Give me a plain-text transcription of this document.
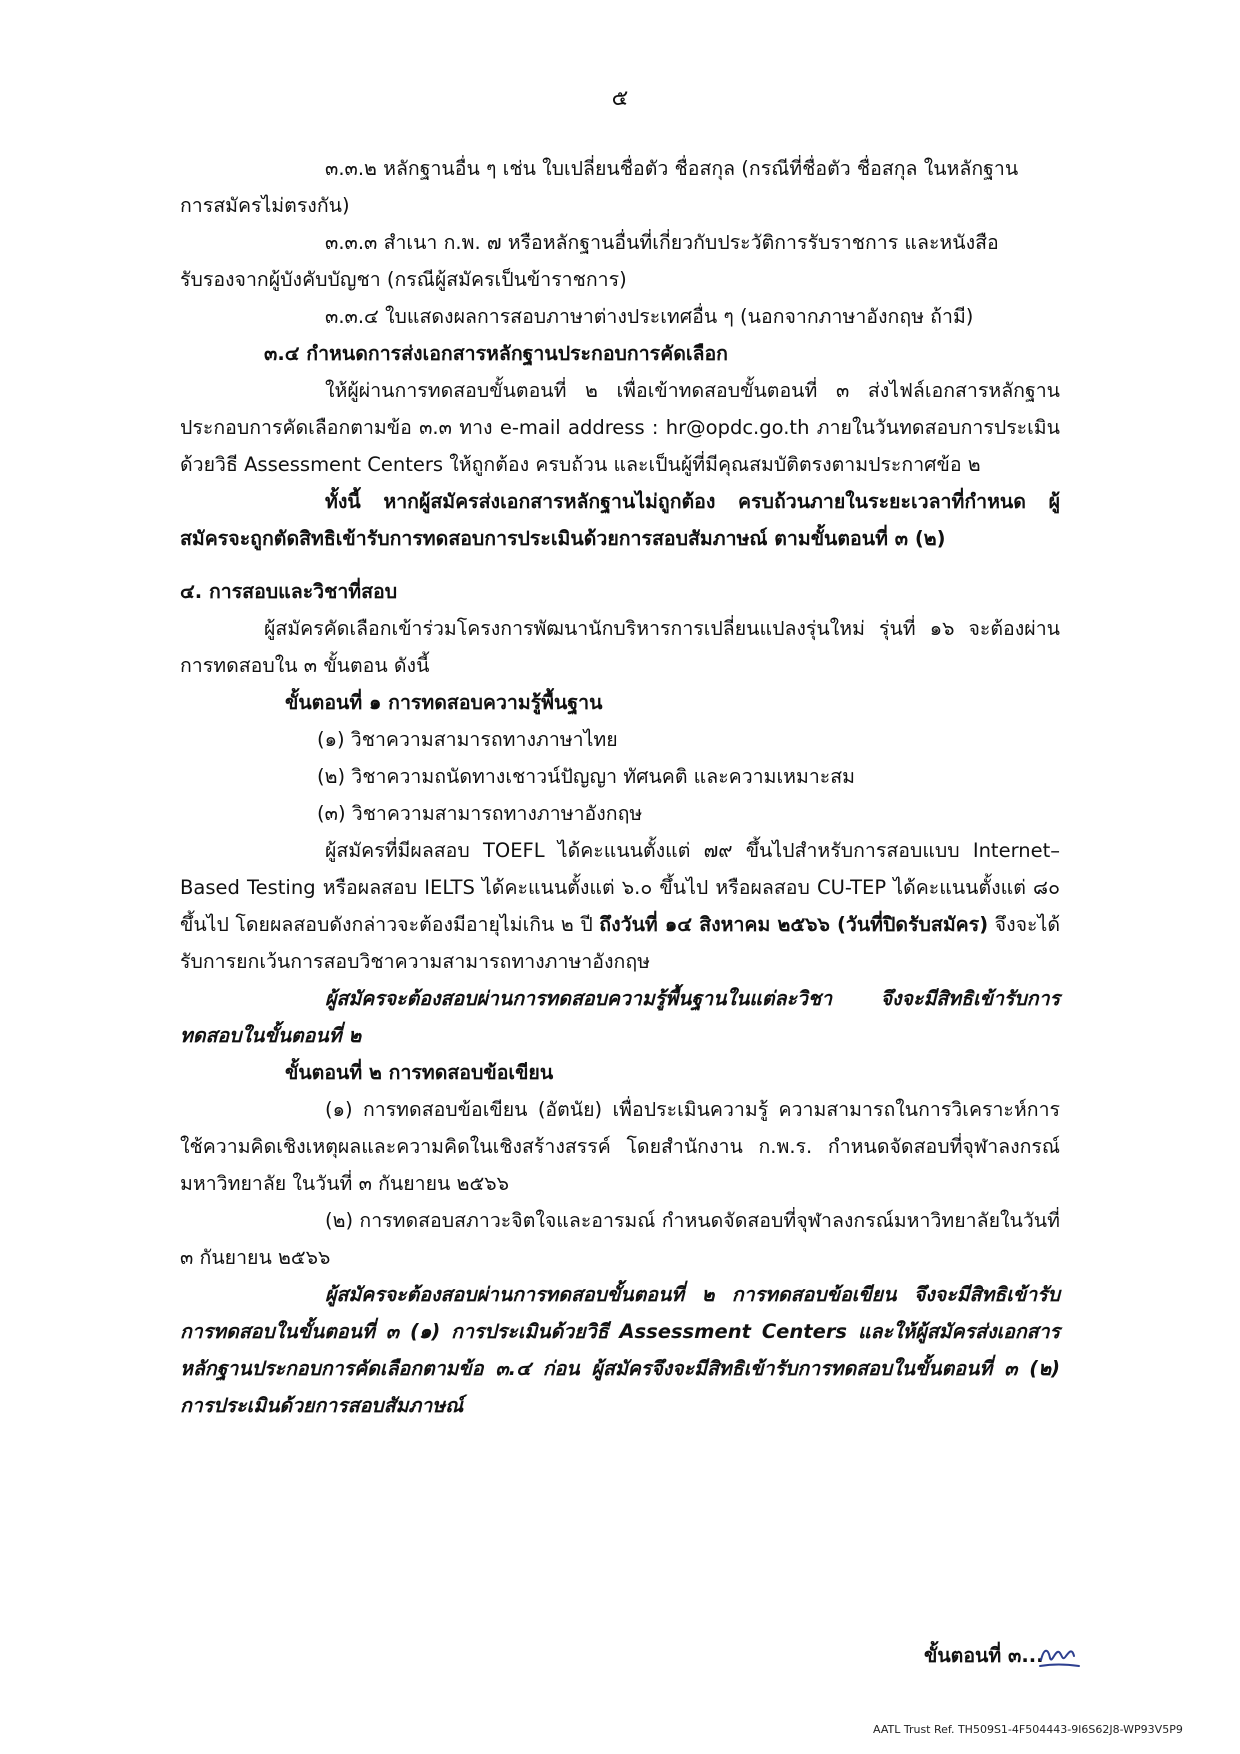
๕

๓.๓.๒ หลักฐานอื่น ๆ เช่น ใบเปลี่ยนชื่อตัว ชื่อสกุล (กรณีที่ชื่อตัว ชื่อสกุล ในหลักฐาน

การสมัครไม่ตรงกัน)

๓.๓.๓ สำเนา ก.พ. ๗ หรือหลักฐานอื่นที่เกี่ยวกับประวัติการรับราชการ และหนังสือ

รับรองจากผู้บังคับบัญชา (กรณีผู้สมัครเป็นข้าราชการ)

๓.๓.๔ ใบแสดงผลการสอบภาษาต่างประเทศอื่น ๆ (นอกจากภาษาอังกฤษ ถ้ามี)

๓.๔ กำหนดการส่งเอกสารหลักฐานประกอบการคัดเลือก

ให้ผู้ผ่านการทดสอบขั้นตอนที่ ๒ เพื่อเข้าทดสอบขั้นตอนที่ ๓ ส่งไฟล์เอกสารหลักฐานประกอบการคัดเลือกตามข้อ ๓.๓ ทาง e-mail address : hr@opdc.go.th ภายในวันทดสอบการประเมินด้วยวิธี Assessment Centers ให้ถูกต้อง ครบถ้วน และเป็นผู้ที่มีคุณสมบัติตรงตามประกาศข้อ ๒

ทั้งนี้ หากผู้สมัครส่งเอกสารหลักฐานไม่ถูกต้อง ครบถ้วนภายในระยะเวลาที่กำหนด ผู้สมัครจะถูกตัดสิทธิเข้ารับการทดสอบการประเมินด้วยการสอบสัมภาษณ์ ตามขั้นตอนที่ ๓ (๒)

๔. การสอบและวิชาที่สอบ

ผู้สมัครคัดเลือกเข้าร่วมโครงการพัฒนานักบริหารการเปลี่ยนแปลงรุ่นใหม่ รุ่นที่ ๑๖ จะต้องผ่านการทดสอบใน ๓ ขั้นตอน ดังนี้

ขั้นตอนที่ ๑ การทดสอบความรู้พื้นฐาน

(๑) วิชาความสามารถทางภาษาไทย

(๒) วิชาความถนัดทางเชาวน์ปัญญา ทัศนคติ และความเหมาะสม

(๓) วิชาความสามารถทางภาษาอังกฤษ

ผู้สมัครที่มีผลสอบ TOEFL ได้คะแนนตั้งแต่ ๗๙ ขึ้นไปสำหรับการสอบแบบ Internet–Based Testing หรือผลสอบ IELTS ได้คะแนนตั้งแต่ ๖.๐ ขึ้นไป หรือผลสอบ CU-TEP ได้คะแนนตั้งแต่ ๘๐ ขึ้นไป โดยผลสอบดังกล่าวจะต้องมีอายุไม่เกิน ๒ ปี ถึงวันที่ ๑๔ สิงหาคม ๒๕๖๖ (วันที่ปิดรับสมัคร) จึงจะได้รับการยกเว้นการสอบวิชาความสามารถทางภาษาอังกฤษ

ผู้สมัครจะต้องสอบผ่านการทดสอบความรู้พื้นฐานในแต่ละวิชา จึงจะมีสิทธิเข้ารับการทดสอบในขั้นตอนที่ ๒

ขั้นตอนที่ ๒ การทดสอบข้อเขียน

(๑) การทดสอบข้อเขียน (อัตนัย) เพื่อประเมินความรู้ ความสามารถในการวิเคราะห์การใช้ความคิดเชิงเหตุผลและความคิดในเชิงสร้างสรรค์ โดยสำนักงาน ก.พ.ร. กำหนดจัดสอบที่จุฬาลงกรณ์มหาวิทยาลัย ในวันที่ ๓ กันยายน ๒๕๖๖

(๒) การทดสอบสภาวะจิตใจและอารมณ์ กำหนดจัดสอบที่จุฬาลงกรณ์มหาวิทยาลัยในวันที่ ๓ กันยายน ๒๕๖๖

ผู้สมัครจะต้องสอบผ่านการทดสอบขั้นตอนที่ ๒ การทดสอบข้อเขียน จึงจะมีสิทธิเข้ารับการทดสอบในขั้นตอนที่ ๓ (๑) การประเมินด้วยวิธี Assessment Centers และให้ผู้สมัครส่งเอกสารหลักฐานประกอบการคัดเลือกตามข้อ ๓.๔ ก่อน ผู้สมัครจึงจะมีสิทธิเข้ารับการทดสอบในขั้นตอนที่ ๓ (๒) การประเมินด้วยการสอบสัมภาษณ์

ขั้นตอนที่ ๓...
AATL Trust Ref. TH509S1-4F504443-9I6S62J8-WP93V5P9
